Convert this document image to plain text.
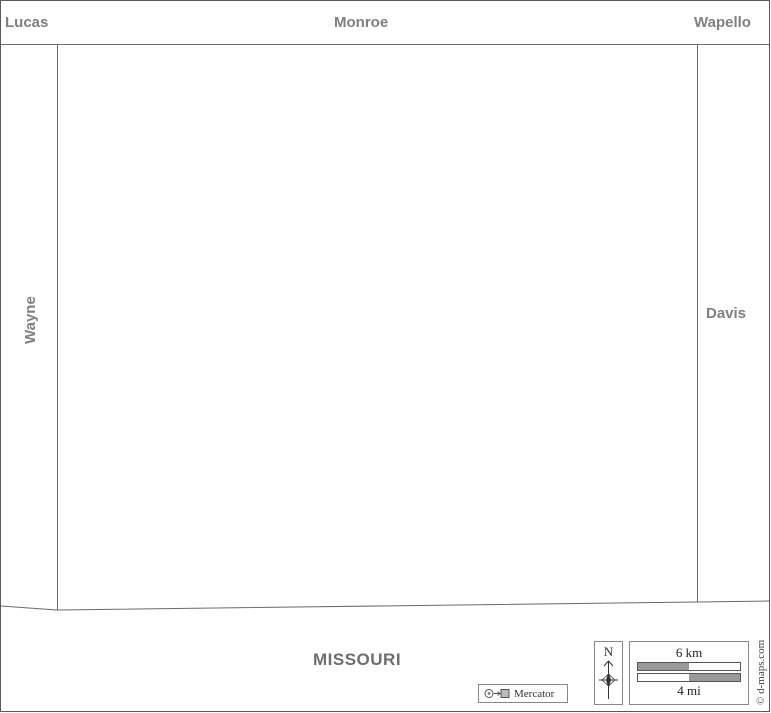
Lucas	Monroe	Wapello
Wayne	Davis
MISSOURI	N	6 km
4 mi
Mercator	© d-maps.com
